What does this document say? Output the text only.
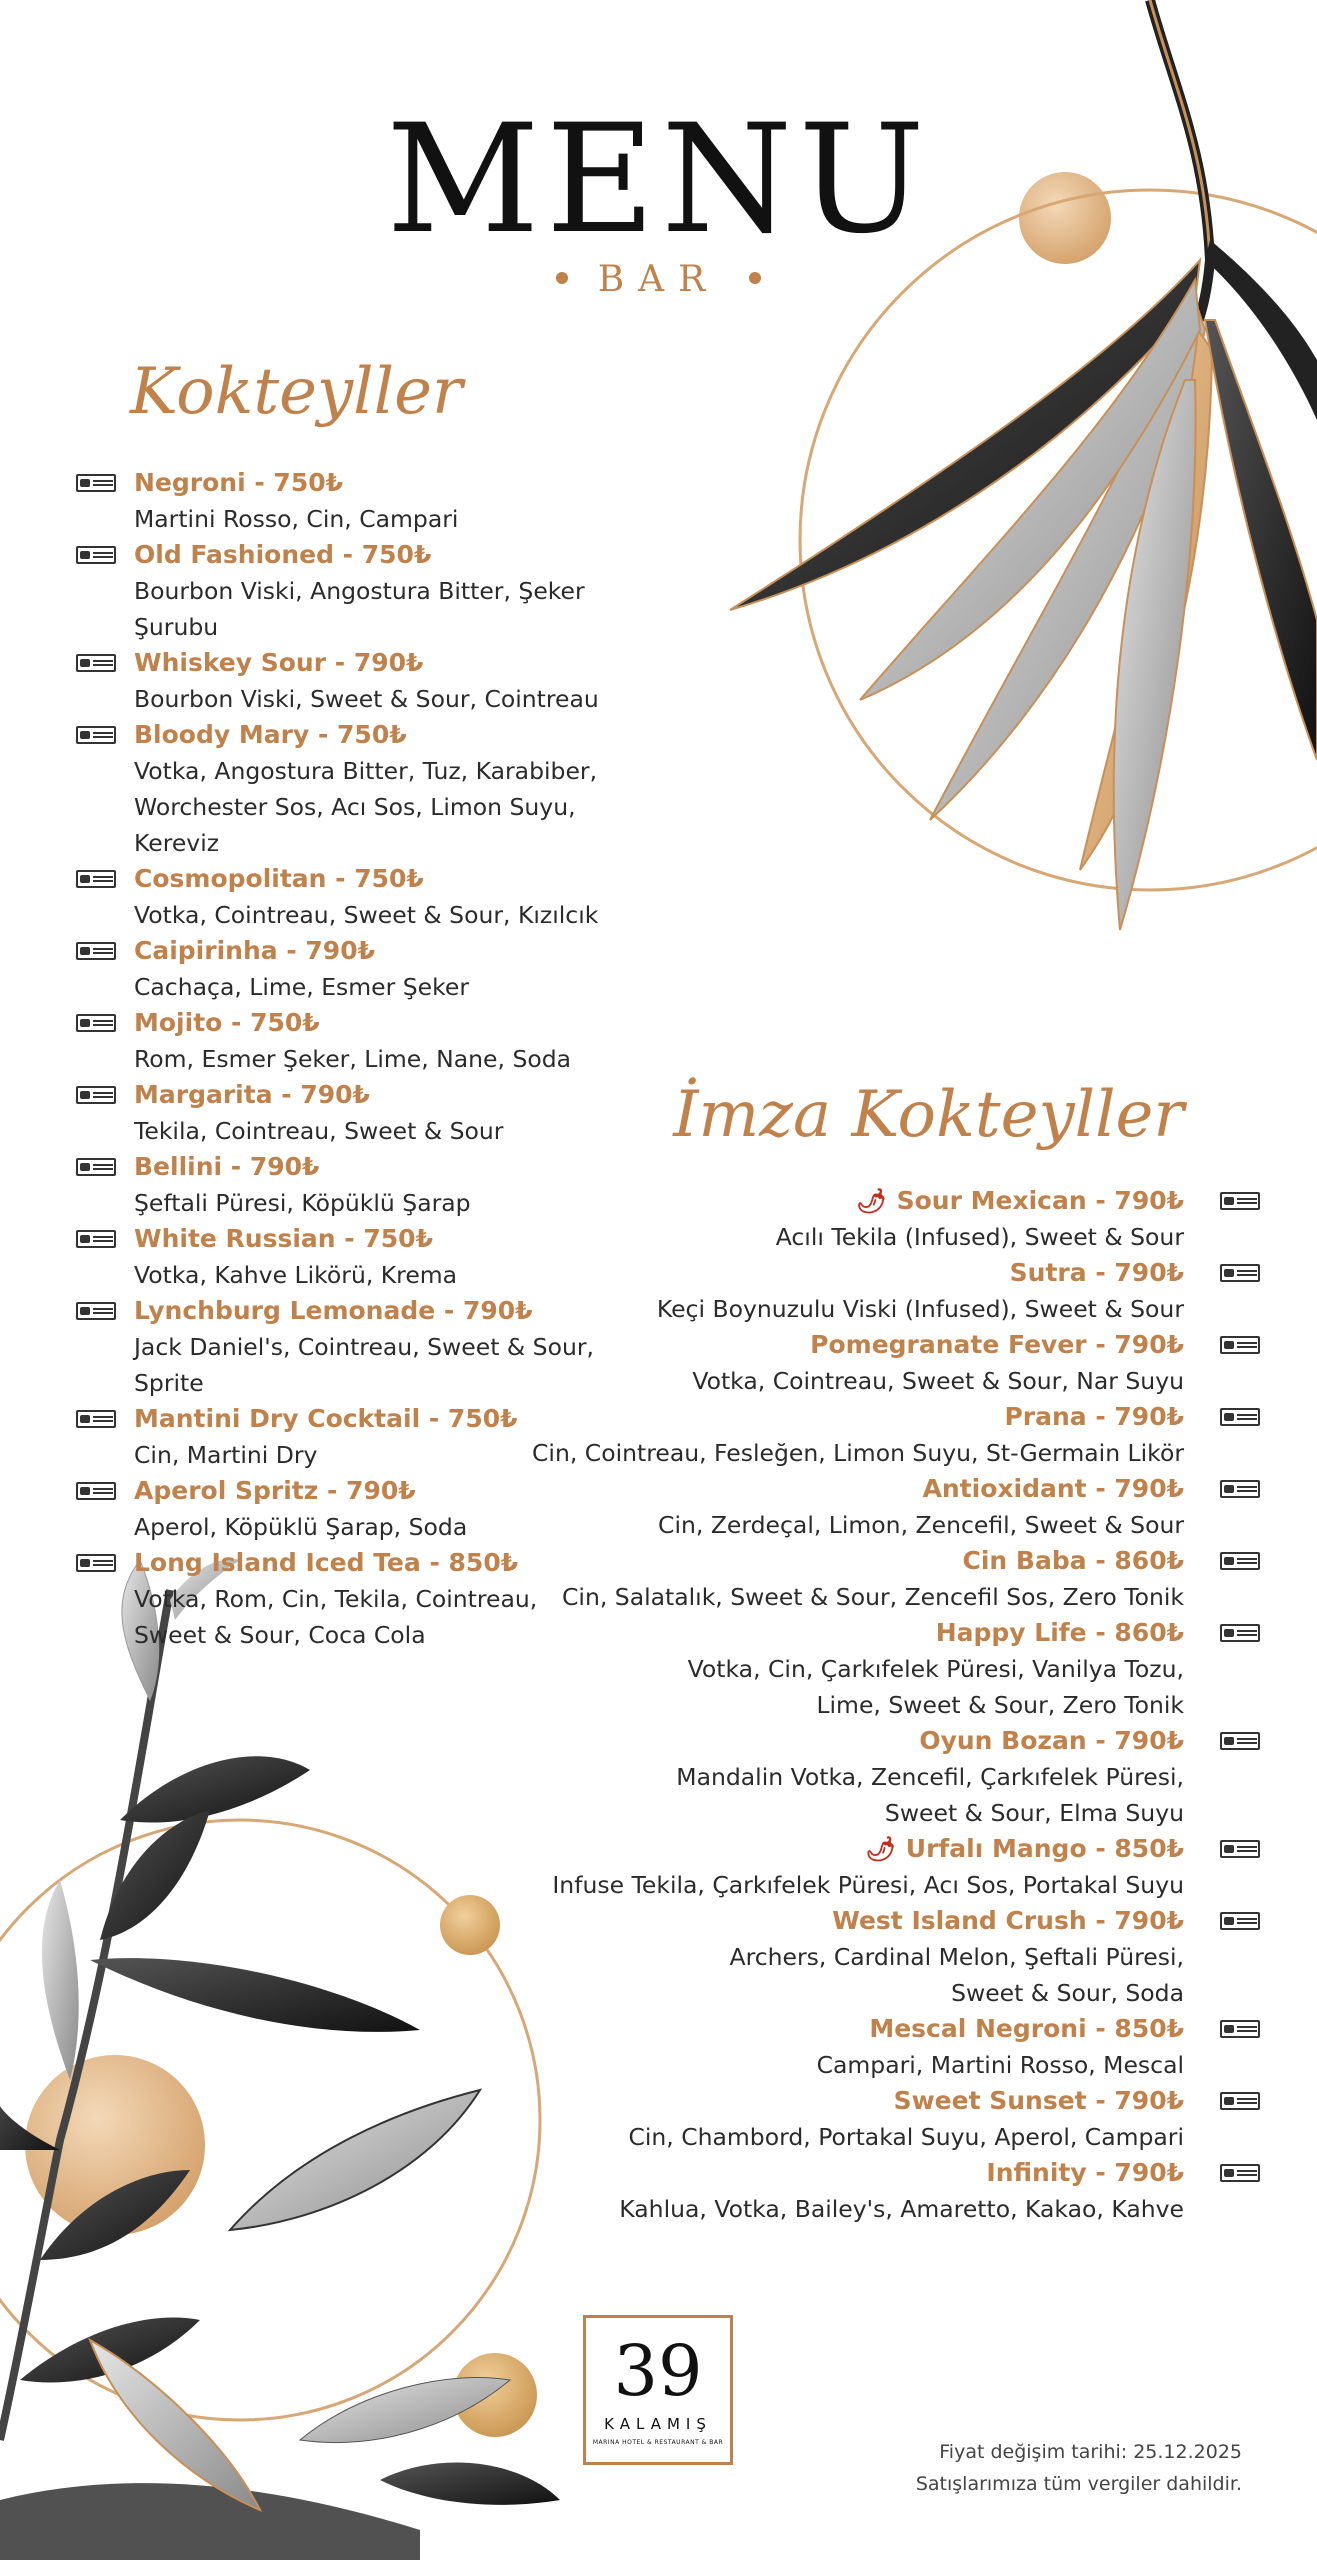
MENU
BAR
Kokteyller
İmza Kokteyller
Negroni - 750₺
Martini Rosso, Cin, Campari
Old Fashioned - 750₺
Bourbon Viski, Angostura Bitter, Şeker Şurubu
Whiskey Sour - 790₺
Bourbon Viski, Sweet & Sour, Cointreau
Bloody Mary - 750₺
Votka, Angostura Bitter, Tuz, Karabiber,
Worchester Sos, Acı Sos, Limon Suyu, Kereviz
Cosmopolitan - 750₺
Votka, Cointreau, Sweet & Sour, Kızılcık
Caipirinha - 790₺
Cachaça, Lime, Esmer Şeker
Mojito - 750₺
Rom, Esmer Şeker, Lime, Nane, Soda
Margarita - 790₺
Tekila, Cointreau, Sweet & Sour
Bellini - 790₺
Şeftali Püresi, Köpüklü Şarap
White Russian - 750₺
Votka, Kahve Likörü, Krema
Lynchburg Lemonade - 790₺
Jack Daniel's, Cointreau, Sweet & Sour, Sprite
Mantini Dry Cocktail - 750₺
Cin, Martini Dry
Aperol Spritz - 790₺
Aperol, Köpüklü Şarap, Soda
Long Island Iced Tea - 850₺
Votka, Rom, Cin, Tekila, Cointreau,
Sweet & Sour, Coca Cola
🌶 Sour Mexican - 790₺
Acılı Tekila (Infused), Sweet & Sour
Sutra - 790₺
Keçi Boynuzulu Viski (Infused), Sweet & Sour
Pomegranate Fever - 790₺
Votka, Cointreau, Sweet & Sour, Nar Suyu
Prana - 790₺
Cin, Cointreau, Fesleğen, Limon Suyu, St-Germain Likör
Antioxidant - 790₺
Cin, Zerdeçal, Limon, Zencefil, Sweet & Sour
Cin Baba - 860₺
Cin, Salatalık, Sweet & Sour, Zencefil Sos, Zero Tonik
Happy Life - 860₺
Votka, Cin, Çarkıfelek Püresi, Vanilya Tozu,
Lime, Sweet & Sour, Zero Tonik
Oyun Bozan - 790₺
Mandalin Votka, Zencefil, Çarkıfelek Püresi,
Sweet & Sour, Elma Suyu
🌶 Urfalı Mango - 850₺
Infuse Tekila, Çarkıfelek Püresi, Acı Sos, Portakal Suyu
West Island Crush - 790₺
Archers, Cardinal Melon, Şeftali Püresi,
Sweet & Sour, Soda
Mescal Negroni - 850₺
Campari, Martini Rosso, Mescal
Sweet Sunset - 790₺
Cin, Chambord, Portakal Suyu, Aperol, Campari
Infinity - 790₺
Kahlua, Votka, Bailey's, Amaretto, Kakao, Kahve
39
KALAMIŞ
MARINA HOTEL & RESTAURANT & BAR	Fiyat değişim tarihi: 25.12.2025
Satışlarımıza tüm vergiler dahildir.
